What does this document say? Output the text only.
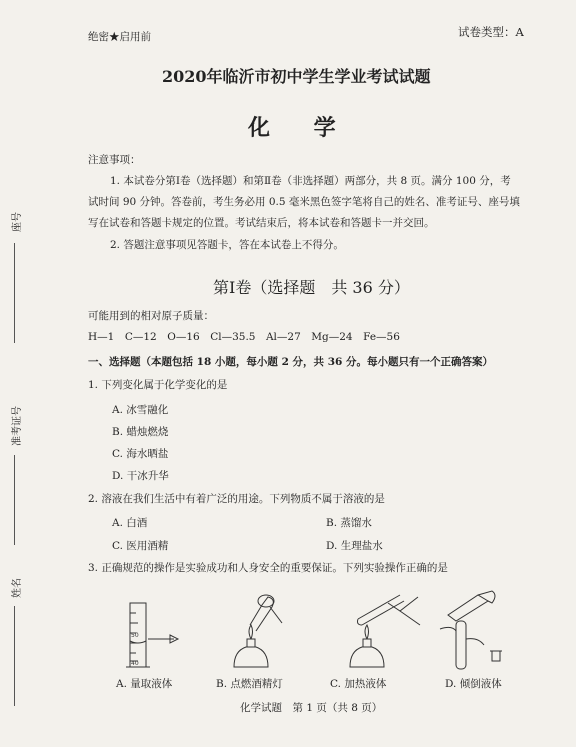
座号
准考证号
姓名
绝密★启用前	试卷类型：A
2020年临沂市初中学生学业考试试题
化 学
注意事项：
1. 本试卷分第Ⅰ卷（选择题）和第Ⅱ卷（非选择题）两部分，共 8 页。满分 100 分，考
试时间 90 分钟。答卷前，考生务必用 0.5 毫米黑色签字笔将自己的姓名、准考证号、座号填
写在试卷和答题卡规定的位置。考试结束后，将本试卷和答题卡一并交回。
2. 答题注意事项见答题卡，答在本试卷上不得分。
第Ⅰ卷（选择题　共 36 分）
可能用到的相对原子质量：
H—1　C—12　O—16　Cl—35.5　Al—27　Mg—24　Fe—56
一、选择题（本题包括 18 小题，每小题 2 分，共 36 分。每小题只有一个正确答案）
1. 下列变化属于化学变化的是
A. 冰雪融化
B. 蜡烛燃烧
C. 海水晒盐
D. 干冰升华
2. 溶液在我们生活中有着广泛的用途。下列物质不属于溶液的是
A. 白酒	B. 蒸馏水
C. 医用酒精	D. 生理盐水
3. 正确规范的操作是实验成功和人身安全的重要保证。下列实验操作正确的是
50
40
A. 量取液体	B. 点燃酒精灯	C. 加热液体	D. 倾倒液体
化学试题　第 1 页（共 8 页）
